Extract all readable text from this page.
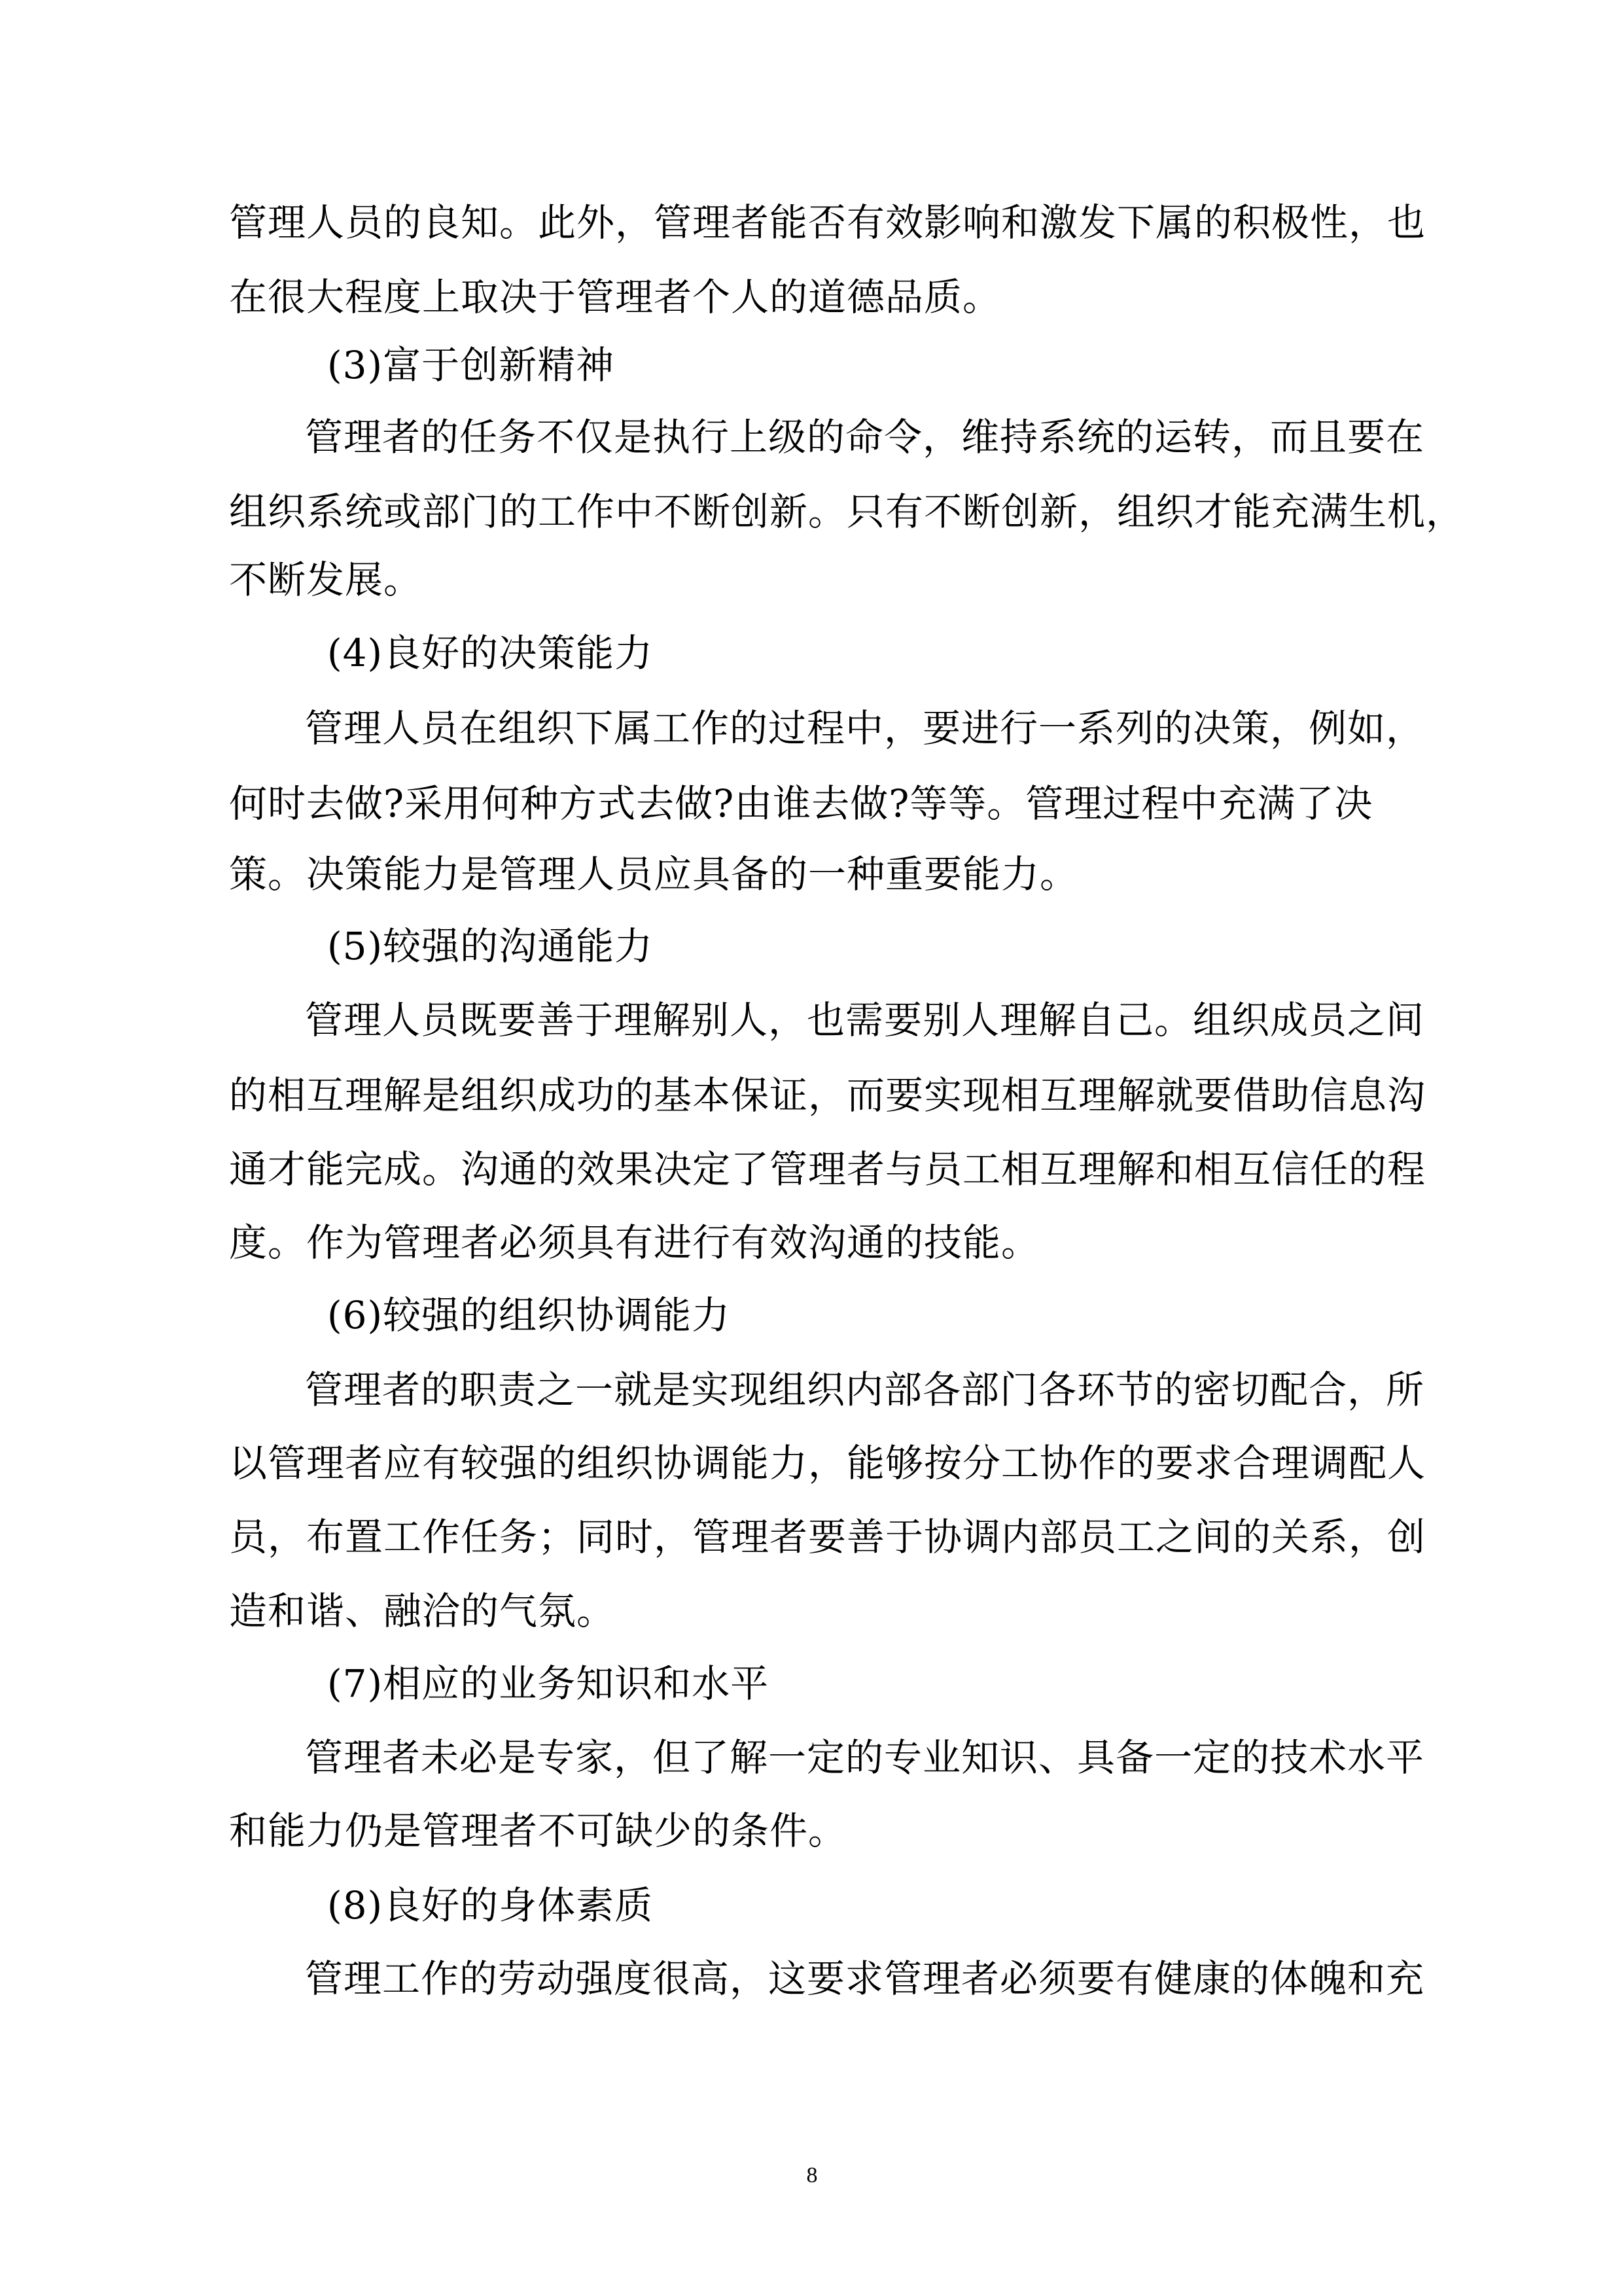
管理人员的良知。此外，管理者能否有效影响和激发下属的积极性，也
在很大程度上取决于管理者个人的道德品质。
(3)富于创新精神
管理者的任务不仅是执行上级的命令，维持系统的运转，而且要在
组织系统或部门的工作中不断创新。只有不断创新，组织才能充满生机，
不断发展。
(4)良好的决策能力
管理人员在组织下属工作的过程中，要进行一系列的决策，例如，
何时去做?采用何种方式去做?由谁去做?等等。管理过程中充满了决
策。决策能力是管理人员应具备的一种重要能力。
(5)较强的沟通能力
管理人员既要善于理解别人，也需要别人理解自己。组织成员之间
的相互理解是组织成功的基本保证，而要实现相互理解就要借助信息沟
通才能完成。沟通的效果决定了管理者与员工相互理解和相互信任的程
度。作为管理者必须具有进行有效沟通的技能。
(6)较强的组织协调能力
管理者的职责之一就是实现组织内部各部门各环节的密切配合，所
以管理者应有较强的组织协调能力，能够按分工协作的要求合理调配人
员，布置工作任务；同时，管理者要善于协调内部员工之间的关系，创
造和谐、融洽的气氛。
(7)相应的业务知识和水平
管理者未必是专家，但了解一定的专业知识、具备一定的技术水平
和能力仍是管理者不可缺少的条件。
(8)良好的身体素质
管理工作的劳动强度很高，这要求管理者必须要有健康的体魄和充
8
